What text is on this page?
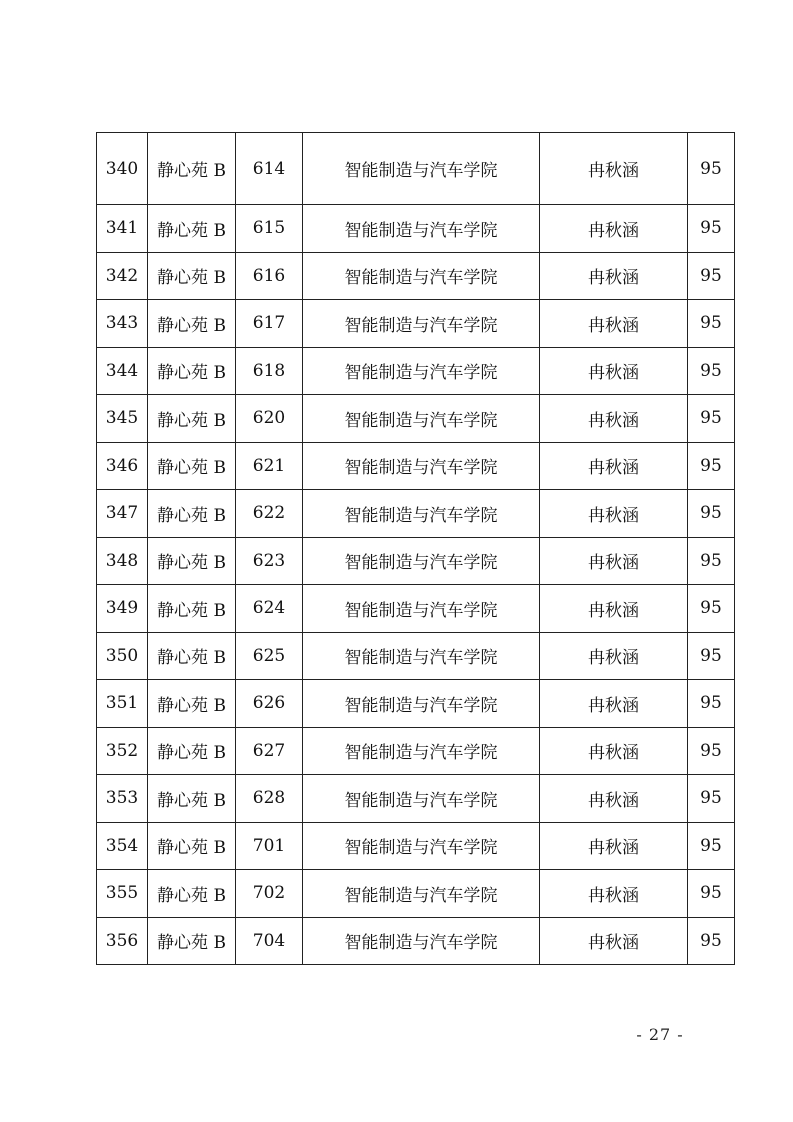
340	静心苑 B	614	智能制造与汽车学院	冉秋涵	95
341	静心苑 B	615	智能制造与汽车学院	冉秋涵	95
342	静心苑 B	616	智能制造与汽车学院	冉秋涵	95
343	静心苑 B	617	智能制造与汽车学院	冉秋涵	95
344	静心苑 B	618	智能制造与汽车学院	冉秋涵	95
345	静心苑 B	620	智能制造与汽车学院	冉秋涵	95
346	静心苑 B	621	智能制造与汽车学院	冉秋涵	95
347	静心苑 B	622	智能制造与汽车学院	冉秋涵	95
348	静心苑 B	623	智能制造与汽车学院	冉秋涵	95
349	静心苑 B	624	智能制造与汽车学院	冉秋涵	95
350	静心苑 B	625	智能制造与汽车学院	冉秋涵	95
351	静心苑 B	626	智能制造与汽车学院	冉秋涵	95
352	静心苑 B	627	智能制造与汽车学院	冉秋涵	95
353	静心苑 B	628	智能制造与汽车学院	冉秋涵	95
354	静心苑 B	701	智能制造与汽车学院	冉秋涵	95
355	静心苑 B	702	智能制造与汽车学院	冉秋涵	95
356	静心苑 B	704	智能制造与汽车学院	冉秋涵	95
- 27 -
